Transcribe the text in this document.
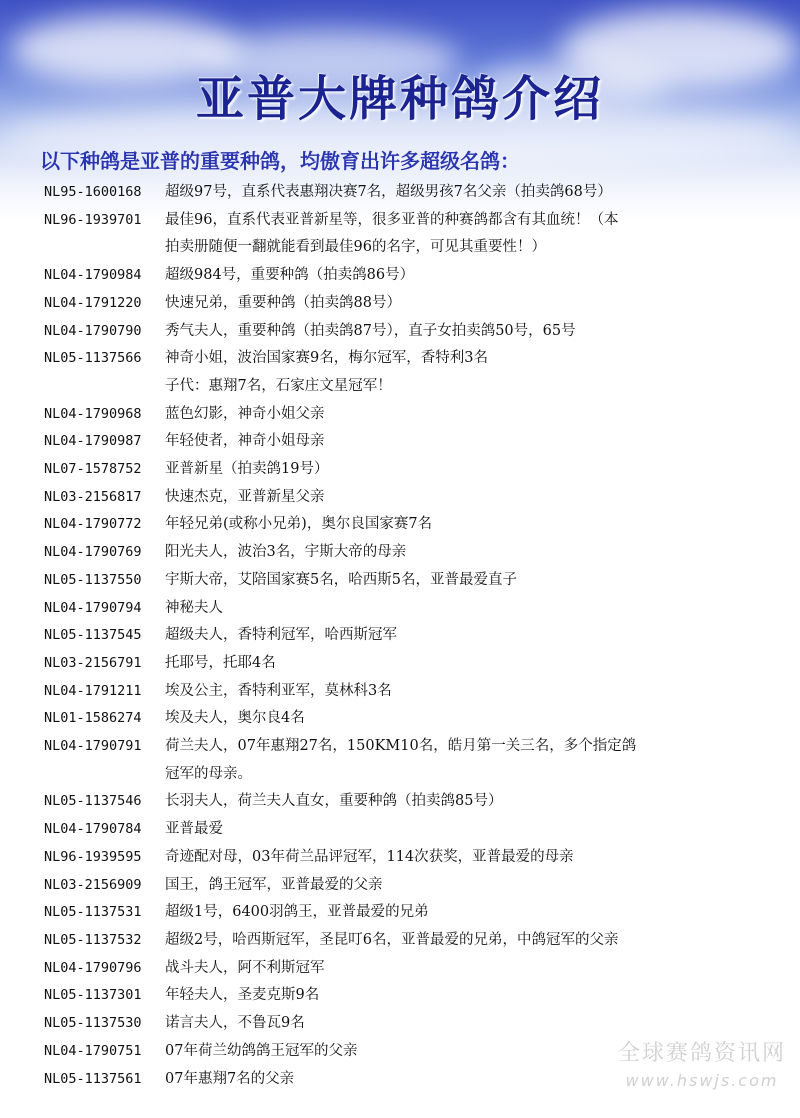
亚普大牌种鸽介绍
以下种鸽是亚普的重要种鸽，均傲育出许多超级名鸽：
NL95-1600168	超级97号，直系代表惠翔决赛7名，超级男孩7名父亲（拍卖鸽68号）
NL96-1939701	最佳96，直系代表亚普新星等，很多亚普的种赛鸽都含有其血统！（本
拍卖册随便一翻就能看到最佳96的名字，可见其重要性！）
NL04-1790984	超级984号，重要种鸽（拍卖鸽86号）
NL04-1791220	快速兄弟，重要种鸽（拍卖鸽88号）
NL04-1790790	秀气夫人，重要种鸽（拍卖鸽87号），直子女拍卖鸽50号，65号
NL05-1137566	神奇小姐，波治国家赛9名，梅尔冠军，香特利3名
子代：惠翔7名，石家庄文星冠军！
NL04-1790968	蓝色幻影，神奇小姐父亲
NL04-1790987	年轻使者，神奇小姐母亲
NL07-1578752	亚普新星（拍卖鸽19号）
NL03-2156817	快速杰克，亚普新星父亲
NL04-1790772	年轻兄弟(或称小兄弟)，奥尔良国家赛7名
NL04-1790769	阳光夫人，波治3名，宇斯大帝的母亲
NL05-1137550	宇斯大帝，艾陪国家赛5名，哈西斯5名，亚普最爱直子
NL04-1790794	神秘夫人
NL05-1137545	超级夫人，香特利冠军，哈西斯冠军
NL03-2156791	托耶号，托耶4名
NL04-1791211	埃及公主，香特利亚军，莫林科3名
NL01-1586274	埃及夫人，奥尔良4名
NL04-1790791	荷兰夫人，07年惠翔27名，150KM10名，皓月第一关三名，多个指定鸽
冠军的母亲。
NL05-1137546	长羽夫人，荷兰夫人直女，重要种鸽（拍卖鸽85号）
NL04-1790784	亚普最爱
NL96-1939595	奇迹配对母，03年荷兰品评冠军，114次获奖，亚普最爱的母亲
NL03-2156909	国王，鸽王冠军，亚普最爱的父亲
NL05-1137531	超级1号，6400羽鸽王，亚普最爱的兄弟
NL05-1137532	超级2号，哈西斯冠军，圣昆叮6名，亚普最爱的兄弟，中鸽冠军的父亲
NL04-1790796	战斗夫人，阿不利斯冠军
NL05-1137301	年轻夫人，圣麦克斯9名
NL05-1137530	诺言夫人，不鲁瓦9名
NL04-1790751	07年荷兰幼鸽鸽王冠军的父亲
NL05-1137561	07年惠翔7名的父亲
全球赛鸽资讯网
www.hswjs.com
